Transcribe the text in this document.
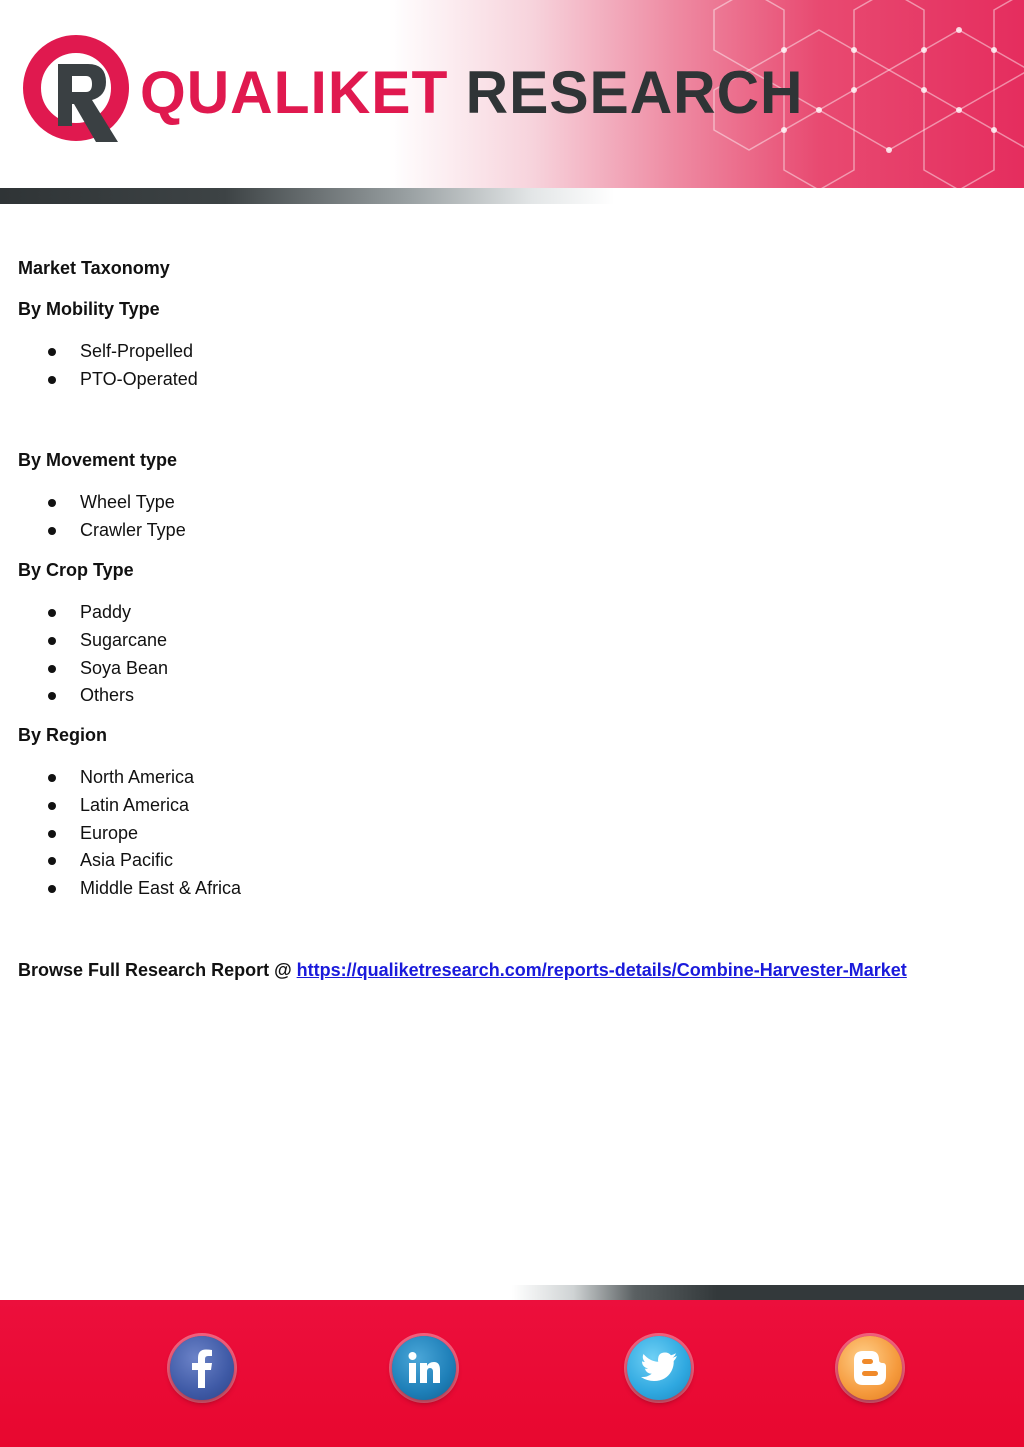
QUALIKET RESEARCH
Market Taxonomy
By Mobility Type
Self-Propelled
PTO-Operated
By Movement type
Wheel Type
Crawler Type
By Crop Type
Paddy
Sugarcane
Soya Bean
Others
By Region
North America
Latin America
Europe
Asia Pacific
Middle East & Africa
Browse Full Research Report @ https://qualiketresearch.com/reports-details/Combine-Harvester-Market
